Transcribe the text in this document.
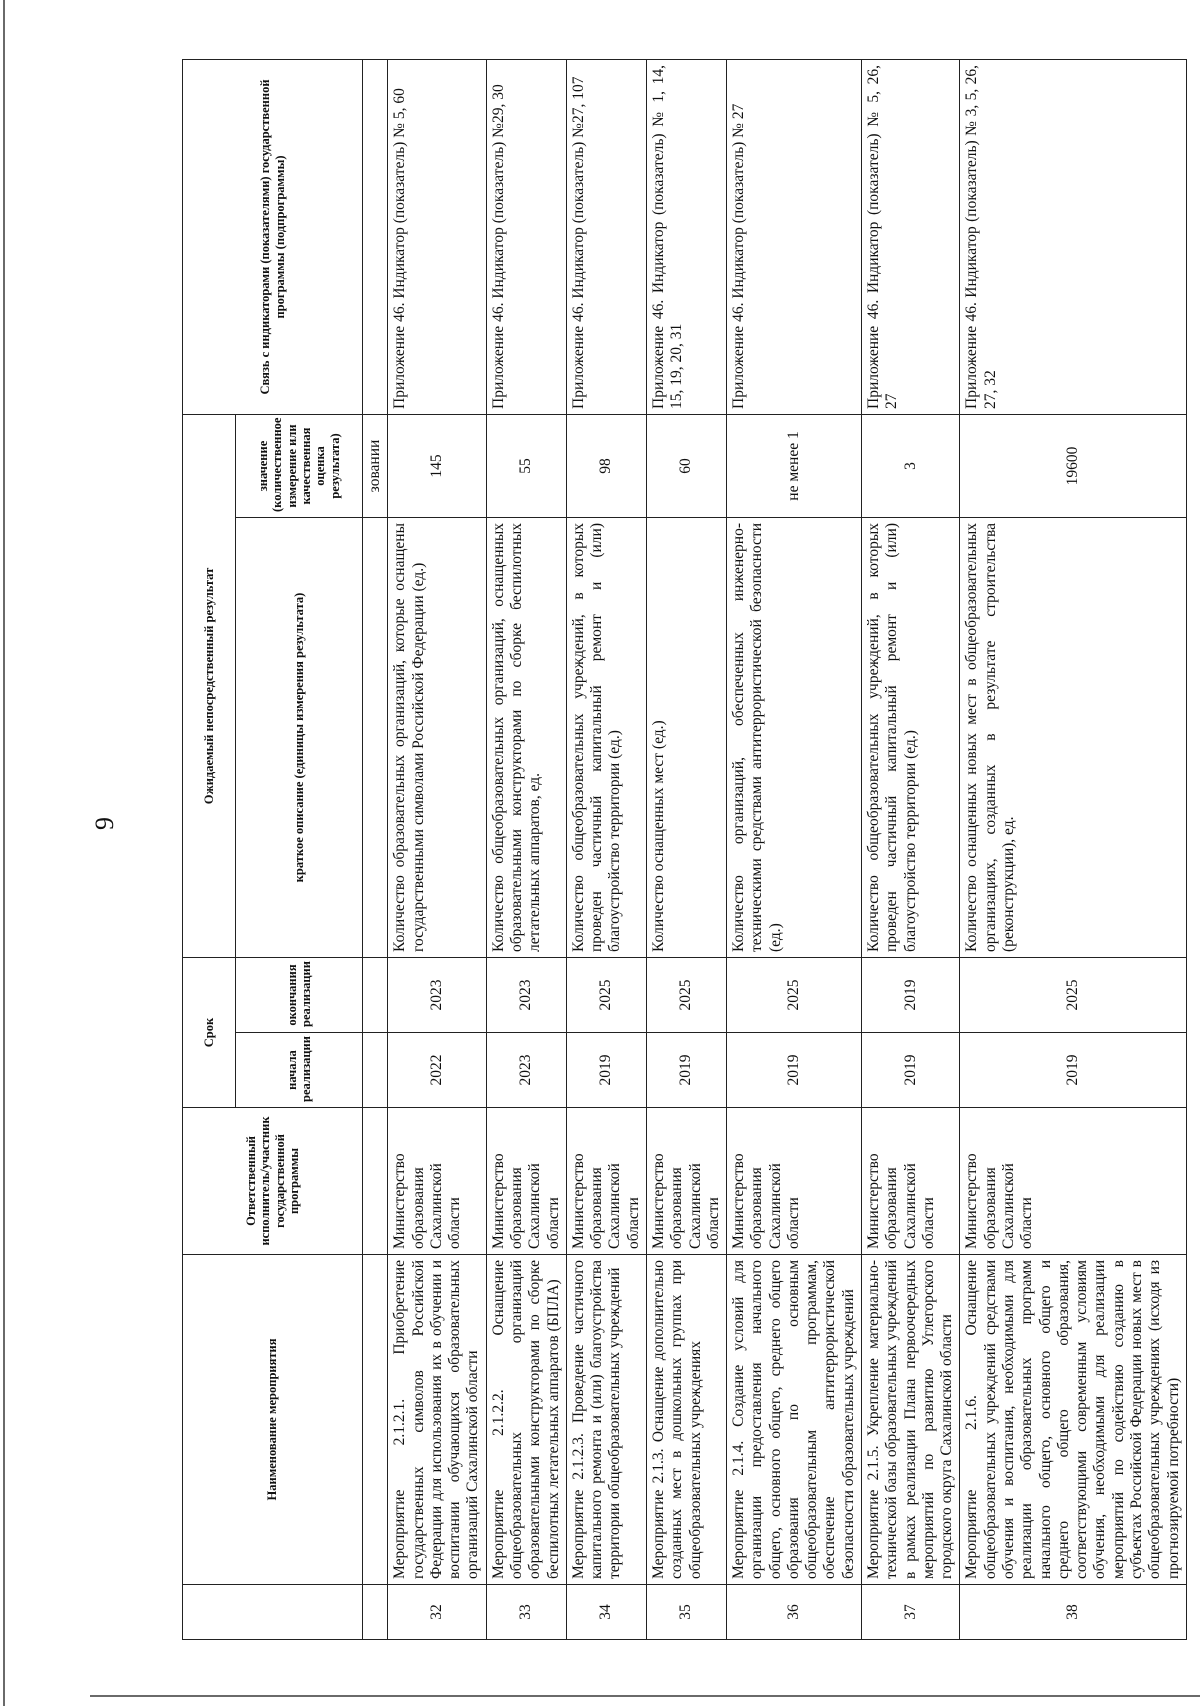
9
	Наименование мероприятия	Ответственный исполнитель/участник государственной программы	Срок		Ожидаемый непосредственный результат		Связь с индикаторами (показателями) государственной программы (подпрограммы)
			начала реализации	окончания реализации	краткое описание (единицы измерения результата)	значение (количественное измерение или качественная оценка результата)	
						зовании	
32	Мероприятие 2.1.2.1. Приобретение государственных символов Российской Федерации для использования их в обучении и воспитании обучающихся образовательных организаций Сахалинской области	Министерство образования Сахалинской области	2022	2023	Количество образовательных организаций, которые оснащены государственными символами Российской Федерации (ед.)	145	Приложение 46. Индикатор (показатель) № 5, 60
33	Мероприятие 2.1.2.2. Оснащение общеобразовательных организаций образовательными конструкторами по сборке беспилотных летательных аппаратов (БПЛА)	Министерство образования Сахалинской области	2023	2023	Количество общеобразовательных организаций, оснащенных образовательными конструкторами по сборке беспилотных летательных аппаратов, ед.	55	Приложение 46. Индикатор (показатель) №29, 30
34	Мероприятие 2.1.2.3. Проведение частичного капитального ремонта и (или) благоустройства территории общеобразовательных учреждений	Министерство образования Сахалинской области	2019	2025	Количество общеобразовательных учреждений, в которых проведен частичный капитальный ремонт и (или) благоустройство территории (ед.)	98	Приложение 46. Индикатор (показатель) №27, 107
35	Мероприятие 2.1.3. Оснащение дополнительно созданных мест в дошкольных группах при общеобразовательных учреждениях	Министерство образования Сахалинской области	2019	2025	Количество оснащенных мест (ед.)	60	Приложение 46. Индикатор (показатель) № 1, 14, 15, 19, 20, 31
36	Мероприятие 2.1.4. Создание условий для организации предоставления начального общего, основного общего, среднего общего образования по основным общеобразовательным программам, обеспечение антитеррористической безопасности образовательных учреждений	Министерство образования Сахалинской области	2019	2025	Количество организаций, обеспеченных инженерно-техническими средствами антитеррористической безопасности (ед.)	не менее 1	Приложение 46. Индикатор (показатель) № 27
37	Мероприятие 2.1.5. Укрепление материально-технической базы образовательных учреждений в рамках реализации Плана первоочередных мероприятий по развитию Углегорского городского округа Сахалинской области	Министерство образования Сахалинской области	2019	2019	Количество общеобразовательных учреждений, в которых проведен частичный капитальный ремонт и (или) благоустройство территории (ед.)	3	Приложение 46. Индикатор (показатель) № 5, 26, 27
38	Мероприятие 2.1.6. Оснащение общеобразовательных учреждений средствами обучения и воспитания, необходимыми для реализации образовательных программ начального общего, основного общего и среднего общего образования, соответствующими современным условиям обучения, необходимыми для реализации мероприятий по содействию созданию в субъектах Российской Федерации новых мест в общеобразовательных учреждениях (исходя из прогнозируемой потребности)	Министерство образования Сахалинской области	2019	2025	Количество оснащенных новых мест в общеобразовательных организациях, созданных в результате строительства (реконструкции), ед.	19600	Приложение 46. Индикатор (показатель) № 3, 5, 26, 27, 32
